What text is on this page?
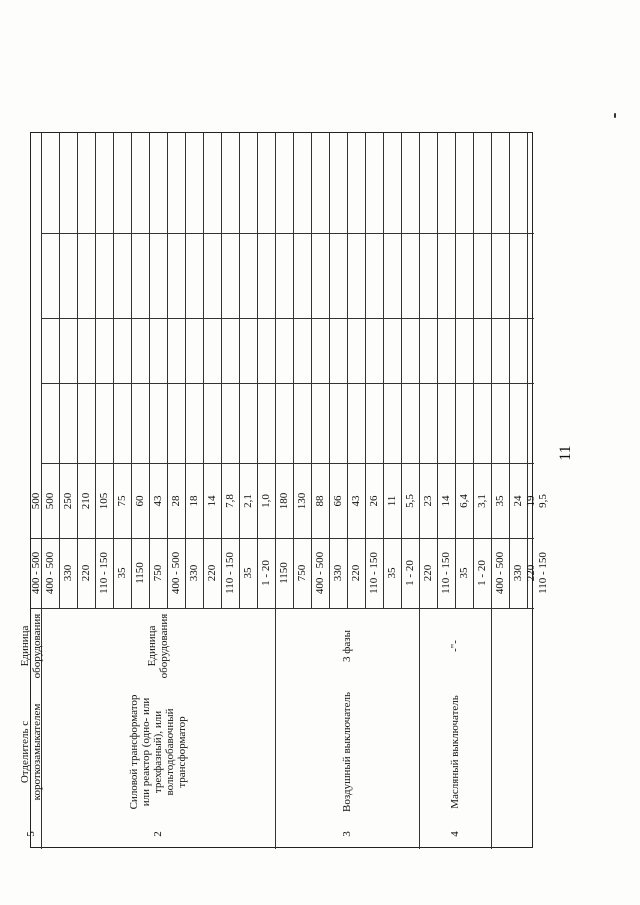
11
2
Силовой трансформатор или реактор (одно- или трехфазный), или вольтодобавочный трансформатор
Единица оборудования
400 - 500
500
330
250
220
210
110 - 150
105
35
75
1150
60
750
43
400 - 500
28
330
18
220
14
110 - 150
7,8
35
2,1
1 - 20
1,0
3
Воздушный выключатель
3 фазы
1150
180
750
130
400 - 500
88
330
66
220
43
110 - 150
26
35
11
1 - 20
5,5
4
Масляный выключатель
-"-
220
23
110 - 150
14
35
6,4
1 - 20
3,1
5
Отделитель с короткозамыкателем
Единица оборудования
400 - 500
35
330
24
220
19
110 - 150
9,5
400 - 500
500
